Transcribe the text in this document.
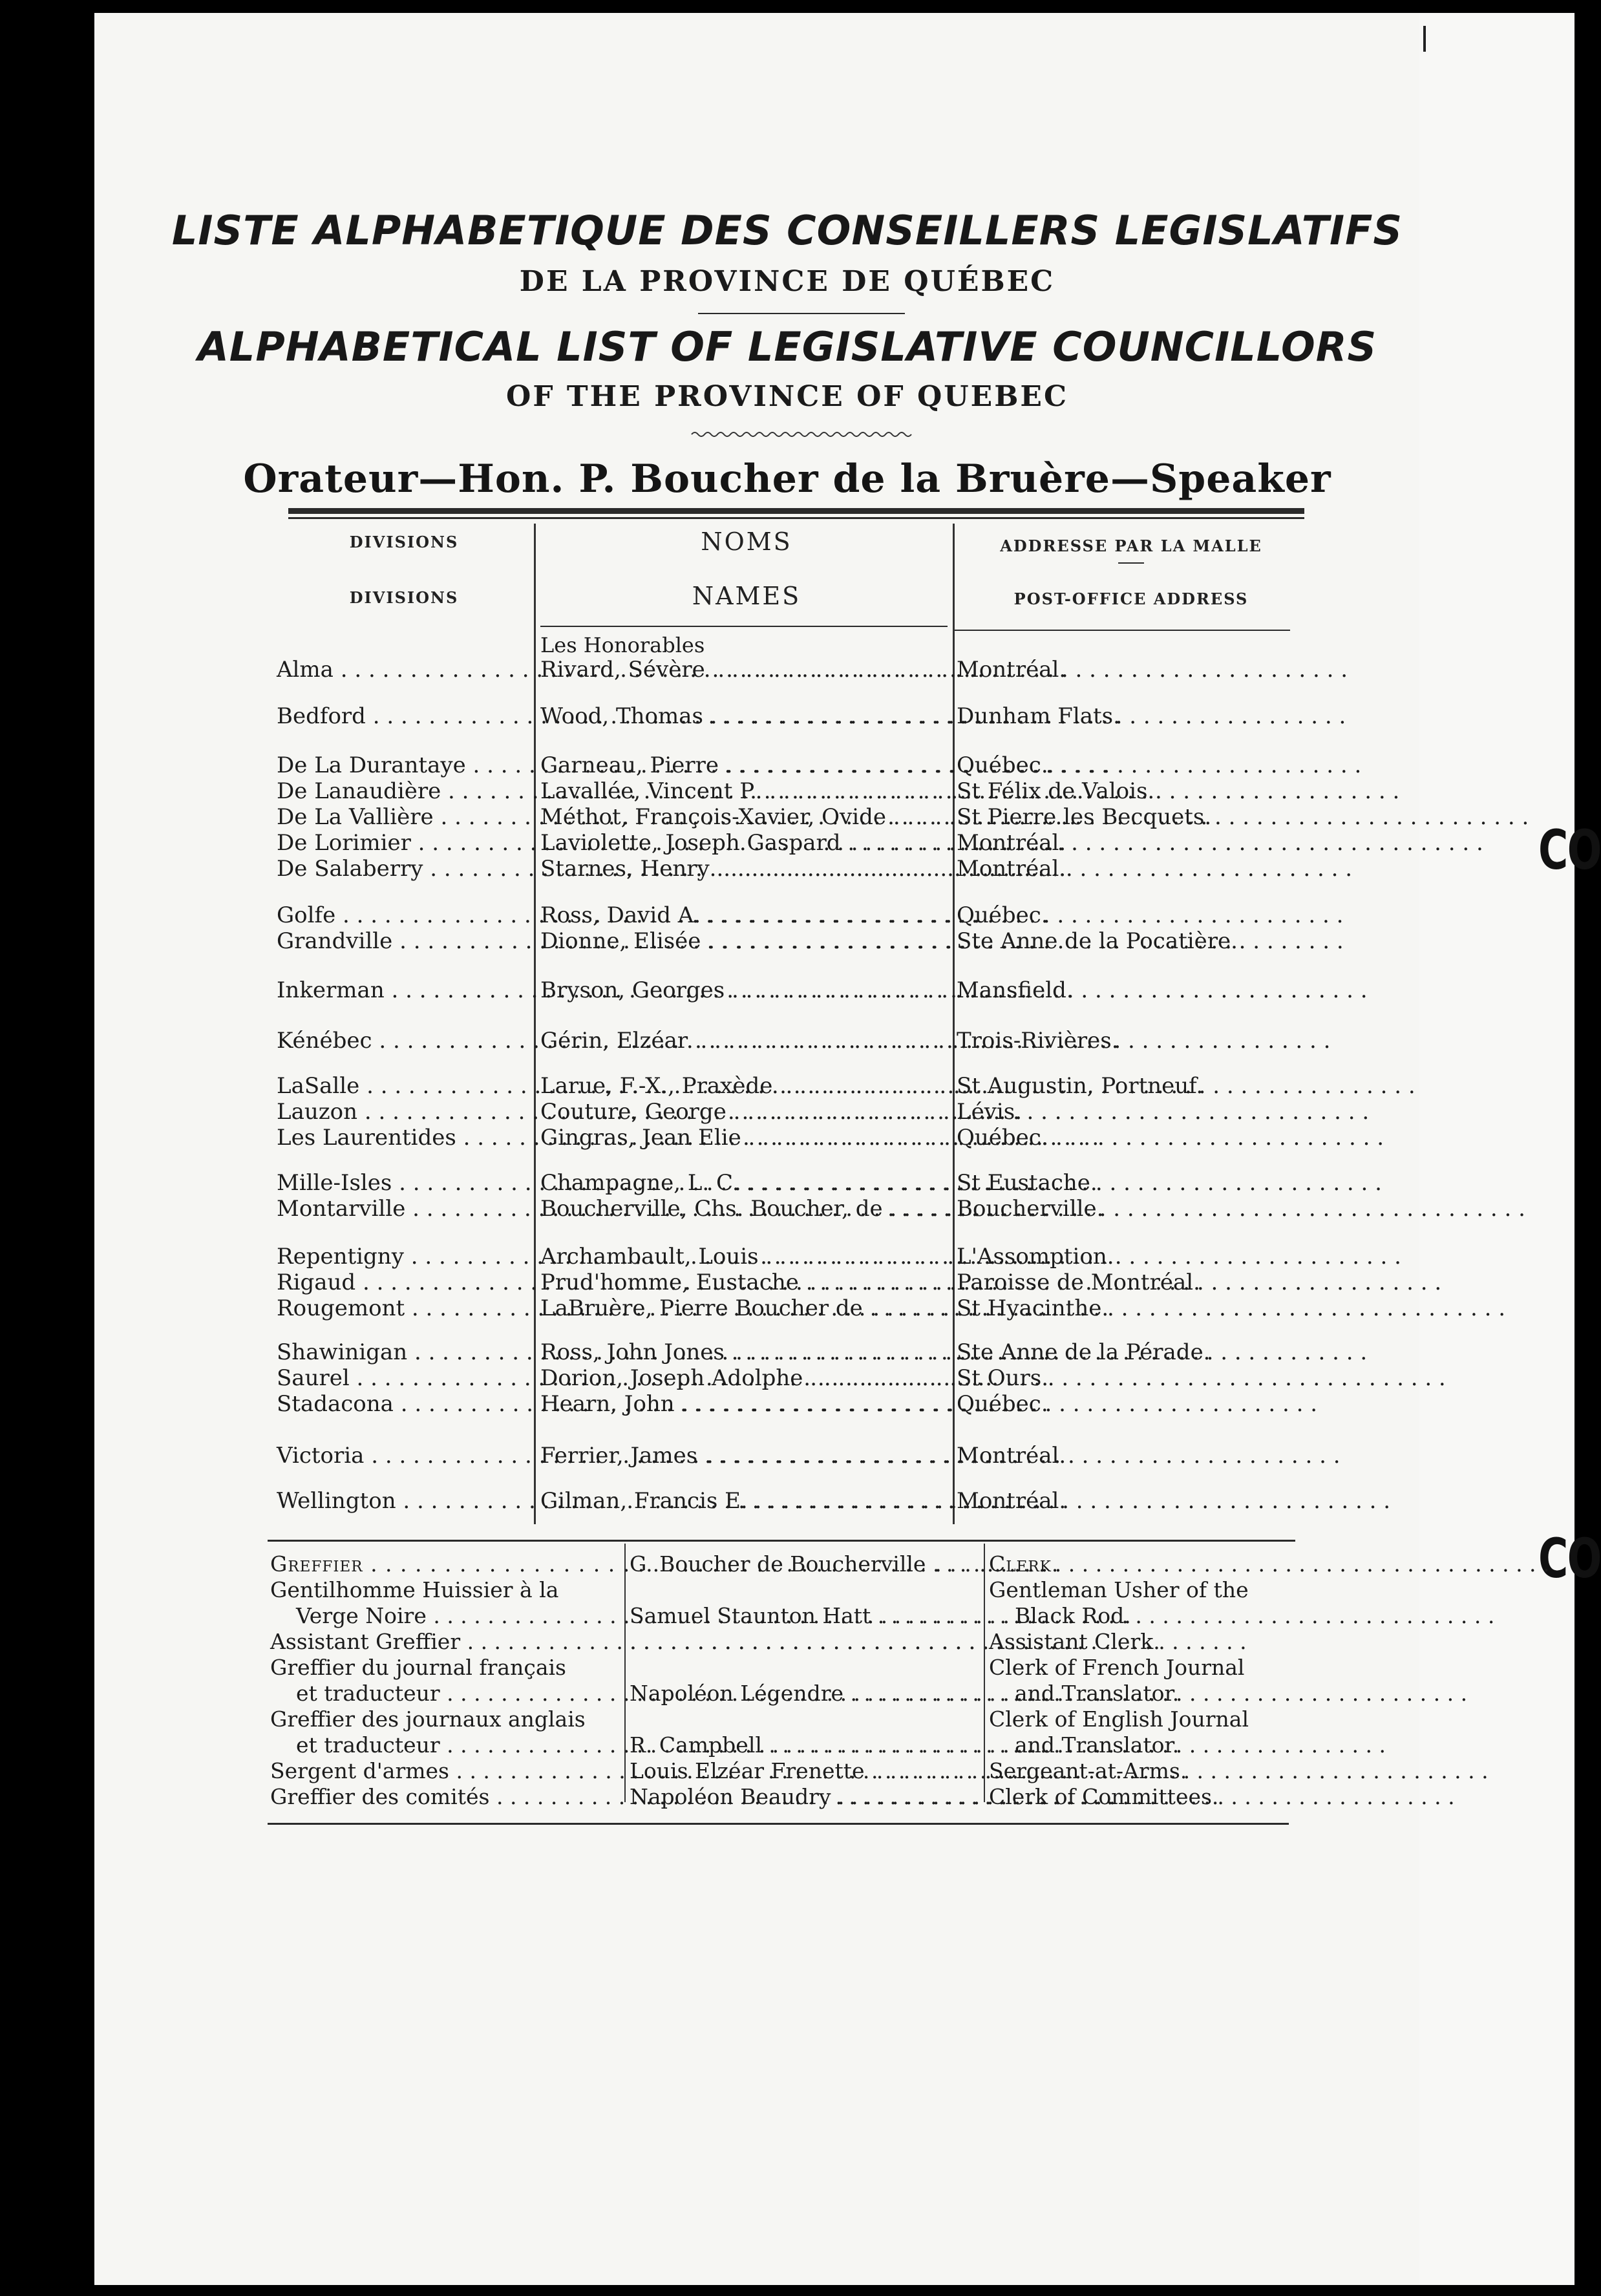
CO
CO
LISTE ALPHABETIQUE DES CONSEILLERS LEGISLATIFS
DE LA PROVINCE DE QUÉBEC
ALPHABETICAL LIST OF LEGISLATIVE COUNCILLORS
OF THE PROVINCE OF QUEBEC
Orateur—Hon. P. Boucher de la Bruère—Speaker
DIVISIONS
DIVISIONS
NOMS
NAMES
ADDRESSE PAR LA MALLE
POST-OFFICE ADDRESS
Les Honorables
Alma . . .	Rivard, Sévère . . .	Montréal.
Bedford . . .	Wood, Thomas . . .	Dunham Flats.
De La Durantaye . . .	Garneau, Pierre . . .	Québec.
De Lanaudière . . .	Lavallée, Vincent P. . . .	St Félix de Valois.
De La Vallière . . .	Méthot, François-Xavier, Ovide . . .	St Pierre les Becquets.
De Lorimier . . .	Laviolette, Joseph Gaspard . . .	Montréal.
De Salaberry . . .	Starnes, Henry . . .	Montréal.
Golfe . . .	Ross, David A. . . .	Québec.
Grandville . . .	Dionne, Elisée . . .	Ste Anne de la Pocatière.
Inkerman . . .	Bryson, Georges . . .	Mansfield.
Kénébec . . .	Gérin, Elzéar . . .	Trois-Rivières.
LaSalle . . .	Larue, F.-X., Praxède . . .	St Augustin, Portneuf.
Lauzon . . .	Couture, George . . .	Lévis.
Les Laurentides . . .	Gingras, Jean Elie . . .	Québec.
Mille-Isles . . .	Champagne, L. C. . . .	St Eustache.
Montarville . . .	Boucherville, Chs. Boucher, de . . .	Boucherville.
Repentigny . . .	Archambault, Louis . . .	L'Assomption.
Rigaud . . .	Prud'homme, Eustache . . .	Paroisse de Montréal.
Rougemont . . .	LaBruère, Pierre Boucher de . . .	St Hyacinthe.
Shawinigan . . .	Ross, John Jones . . .	Ste Anne de la Pérade.
Saurel . . .	Dorion, Joseph Adolphe . . .	St Ours.
Stadacona . . .	Hearn, John . . .	Québec.
Victoria . . .	Ferrier, James . . .	Montréal.
Wellington . . .	Gilman, Francis E. . . .	Montréal.
Greffier . . .	G. Boucher de Boucherville . . .	Clerk.
Gentilhomme Huissier à la
Verge Noire . . .	Samuel Staunton Hatt . . .
Gentleman Usher of the
Black Rod.
Assistant Greffier . . .
. . .	Assistant Clerk.
Greffier du journal français
et traducteur . . .	Napoléon Légendre . . .
Clerk of French Journal
and Translator.
Greffier des journaux anglais
et traducteur . . .	R. Campbell . . .
Clerk of English Journal
and Translator.
Sergent d'armes . . .	Louis Elzéar Frenette . . .	Sergeant-at-Arms.
Greffier des comités . . .	Napoléon Beaudry . . .	Clerk of Committees.
